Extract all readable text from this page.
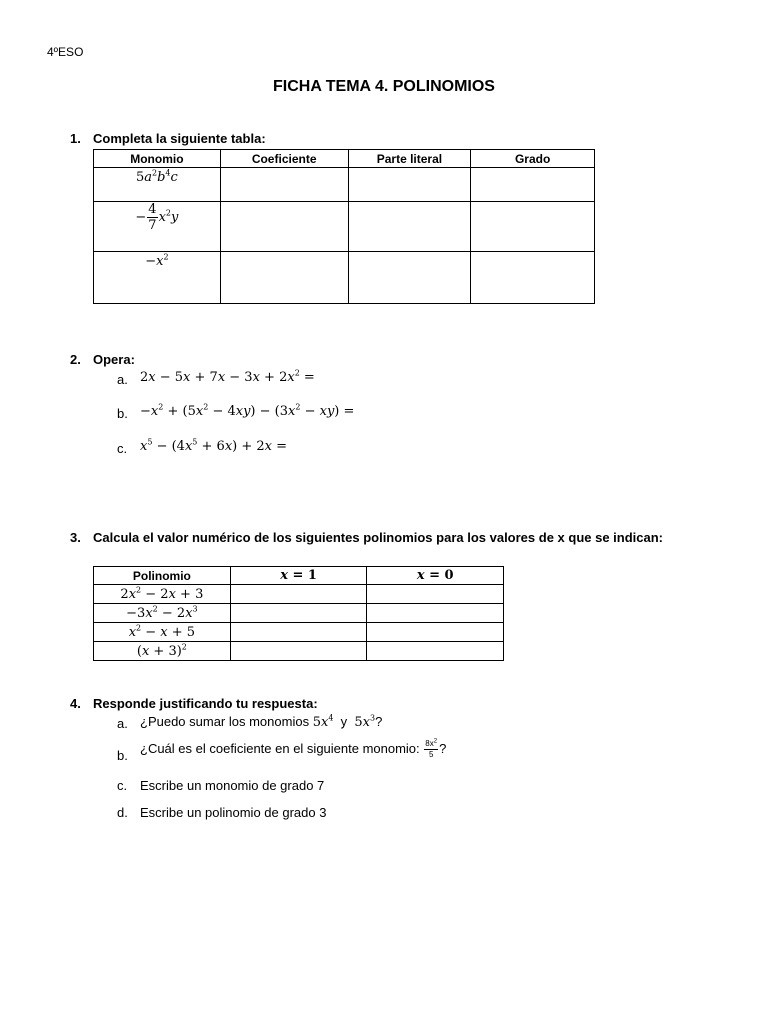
4ºESO
FICHA TEMA 4. POLINOMIOS
1. Completa la siguiente tabla:
Monomio	Coeficiente	Parte literal	Grado
$5a^2b^4c$			
− $\frac{4}{7} x^2y$			
$-x^2$			
2. Opera:
a. $2x - 5x + 7x - 3x + 2x^2$ =
b. $-x^2 + (5x^2 - 4xy) - (3x^2 - xy)$ =
c. $x^5 - (4x^5 + 6x) + 2x$ =
3. Calcula el valor numérico de los siguientes polinomios para los valores de x que se indican:
Polinomio	x = 1	x = 0
$2x^2 - 2x + 3$		
$-3x^2 - 2x^3$		
$x^2 - x + 5$		
$(x + 3)^2$		
4. Responde justificando tu respuesta:
a. ¿Puedo sumar los monomios $5x^4$ y $5x^3$?
b. ¿Cuál es el coeficiente en el siguiente monomio: $\frac{8x^2}{5}$ ?
c. Escribe un monomio de grado 7
d. Escribe un polinomio de grado 3
